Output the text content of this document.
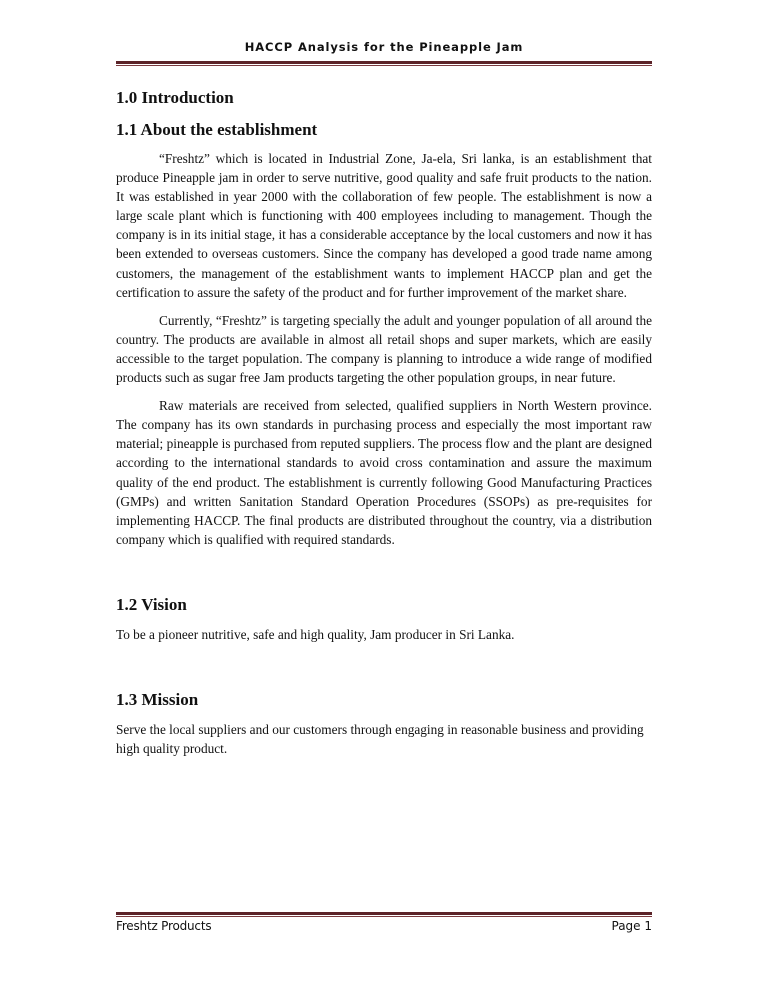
HACCP Analysis for the Pineapple Jam
1.0 Introduction
1.1 About the establishment

“Freshtz” which is located in Industrial Zone, Ja-ela, Sri lanka, is an establishment that produce Pineapple jam in order to serve nutritive, good quality and safe fruit products to the nation. It was established in year 2000 with the collaboration of few people. The establishment is now a large scale plant which is functioning with 400 employees including to management. Though the company is in its initial stage, it has a considerable acceptance by the local customers and now it has been extended to overseas customers. Since the company has developed a good trade name among customers, the management of the establishment wants to implement HACCP plan and get the certification to assure the safety of the product and for further improvement of the market share.

Currently, “Freshtz” is targeting specially the adult and younger population of all around the country. The products are available in almost all retail shops and super markets, which are easily accessible to the target population. The company is planning to introduce a wide range of modified products such as sugar free Jam products targeting the other population groups, in near future.

Raw materials are received from selected, qualified suppliers in North Western province. The company has its own standards in purchasing process and especially the most important raw material; pineapple is purchased from reputed suppliers. The process flow and the plant are designed according to the international standards to avoid cross contamination and assure the maximum quality of the end product. The establishment is currently following Good Manufacturing Practices (GMPs) and written Sanitation Standard Operation Procedures (SSOPs) as pre-requisites for implementing HACCP. The final products are distributed throughout the country, via a distribution company which is qualified with required standards.

1.2 Vision

To be a pioneer nutritive, safe and high quality, Jam producer in Sri Lanka.

1.3 Mission

Serve the local suppliers and our customers through engaging in reasonable business and providing high quality product.

Freshtz Products	Page 1
